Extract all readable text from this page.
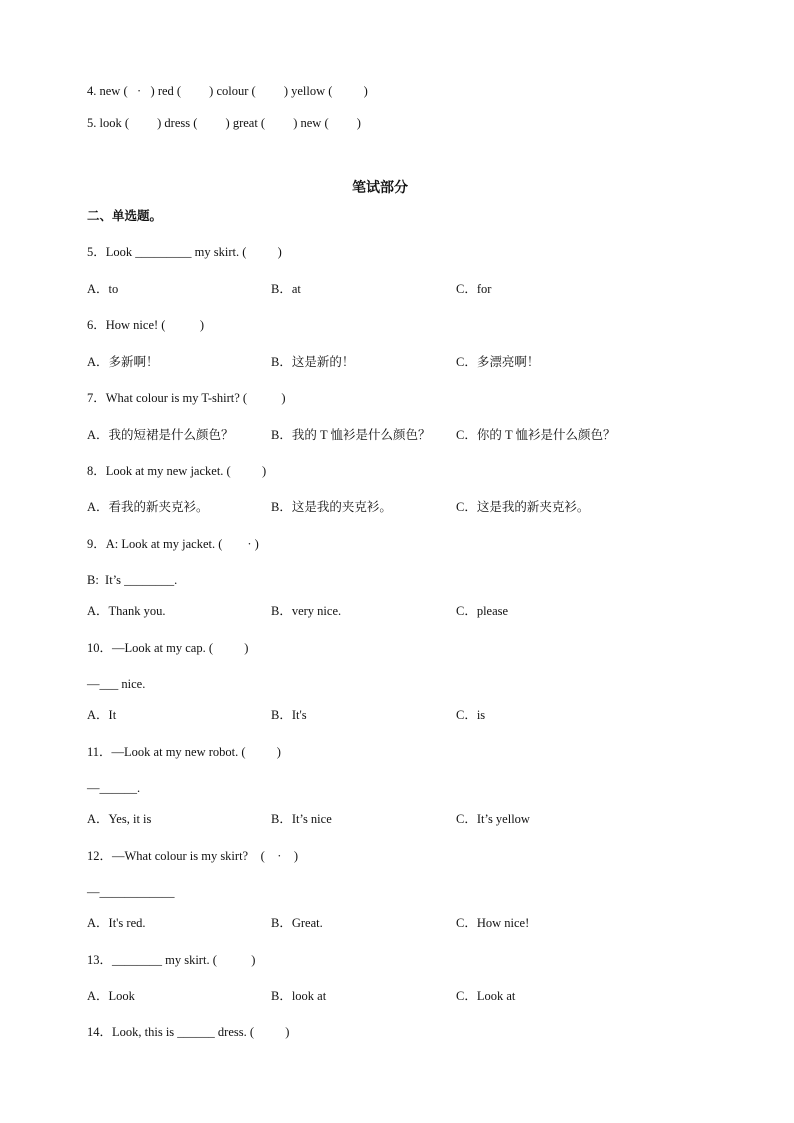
4. new (   ·   ) red (         ) colour (         ) yellow (          )
5. look (         ) dress (         ) great (         ) new (         )
笔试部分
二、单选题。
5．Look _________ my skirt. (          )
A．to	B．at	C．for
6．How nice! (           )
A．多新啊！	B．这是新的！	C．多漂亮啊！
7．What colour is my T-shirt? (           )
A．我的短裙是什么颜色？	B．我的 T 恤衫是什么颜色？ C．你的 T 恤衫是什么颜色？
8．Look at my new jacket. (          )
A．看我的新夹克衫。	B．这是我的夹克衫。	C．这是我的新夹克衫。
9．A: Look at my jacket. (        · )
B:  It’s ________.
A．Thank you.	B．very nice.	C．please
10．—Look at my cap. (          )
—___ nice.
A．It	B．It's	C．is
11．—Look at my new robot. (          )
—______.
A．Yes, it is	B．It’s nice	C．It’s yellow
12．—What colour is my skirt?    (    ·    )
—____________
A．It's red.	B．Great.	C．How nice!
13．________ my skirt. (           )
A．Look	B．look at	C．Look at
14．Look, this is ______ dress. (          )
